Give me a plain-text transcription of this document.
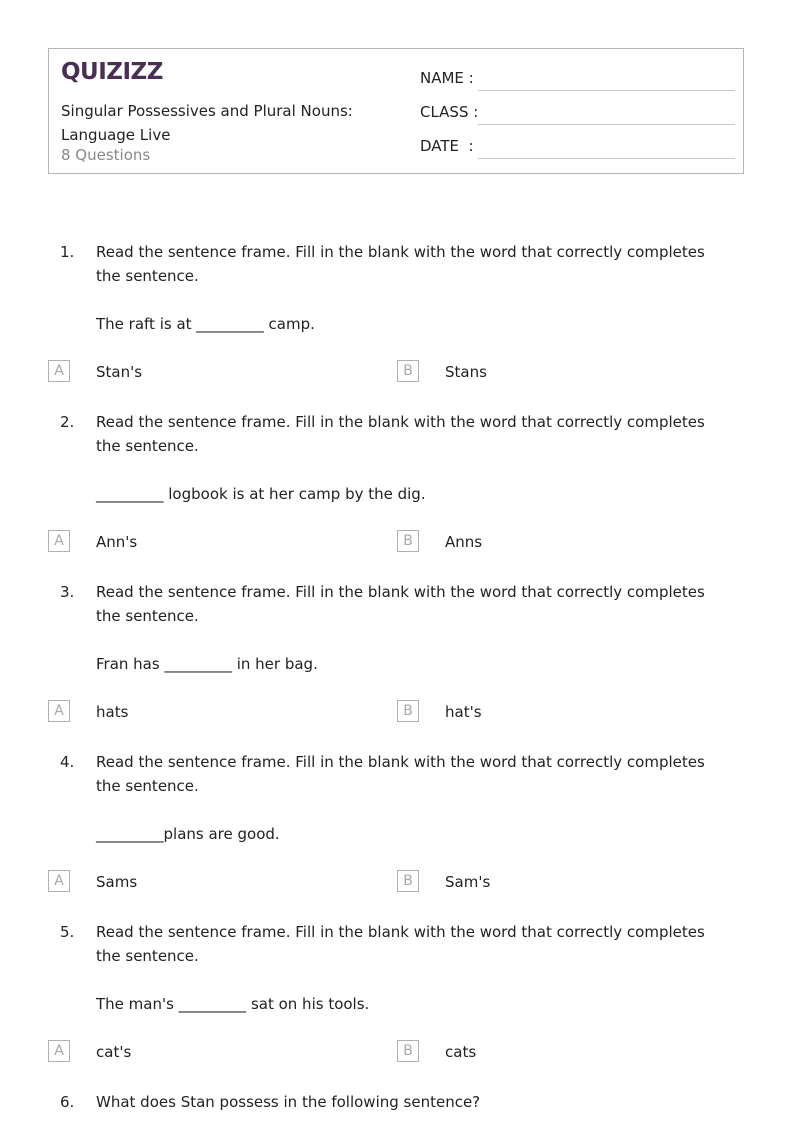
QUIZIZZ
Singular Possessives and Plural Nouns: Language Live
8 Questions
NAME :
CLASS :
DATE  :
1. Read the sentence frame. Fill in the blank with the word that correctly completes the sentence.
The raft is at _________ camp.
A	Stan's	B	Stans
2. Read the sentence frame. Fill in the blank with the word that correctly completes the sentence.
_________ logbook is at her camp by the dig.
A	Ann's	B	Anns
3. Read the sentence frame. Fill in the blank with the word that correctly completes the sentence.
Fran has _________ in her bag.
A	hats	B	hat's
4. Read the sentence frame. Fill in the blank with the word that correctly completes the sentence.
_________plans are good.
A	Sams	B	Sam's
5. Read the sentence frame. Fill in the blank with the word that correctly completes the sentence.
The man's _________ sat on his tools.
A	cat's	B	cats
6. What does Stan possess in the following sentence?
